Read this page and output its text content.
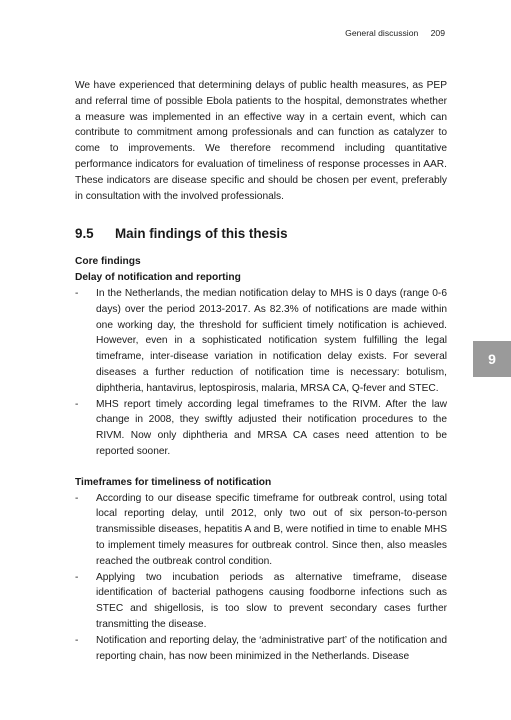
General discussion 209
9

We have experienced that determining delays of public health measures, as PEP and referral time of possible Ebola patients to the hospital, demonstrates whether a measure was implemented in an effective way in a certain event, which can contribute to commitment among professionals and can function as catalyzer to come to improvements. We therefore recommend including quantitative performance indicators for evaluation of timeliness of response processes in AAR. These indicators are disease specific and should be chosen per event, preferably in consultation with the involved professionals.

9.5 Main findings of this thesis

Core findings

Delay of notification and reporting

- In the Netherlands, the median notification delay to MHS is 0 days (range 0-6 days) over the period 2013-2017. As 82.3% of notifications are made within one working day, the threshold for sufficient timely notification is achieved. However, even in a sophisticated notification system fulfilling the legal timeframe, inter-disease variation in notification delay exists. For several diseases a further reduction of notification time is necessary: botulism, diphtheria, hantavirus, leptospirosis, malaria, MRSA CA, Q-fever and STEC.
- MHS report timely according legal timeframes to the RIVM. After the law change in 2008, they swiftly adjusted their notification procedures to the RIVM. Now only diphtheria and MRSA CA cases need attention to be reported sooner.

Timeframes for timeliness of notification

- According to our disease specific timeframe for outbreak control, using total local reporting delay, until 2012, only two out of six person-to-person transmissible diseases, hepatitis A and B, were notified in time to enable MHS to implement timely measures for outbreak control. Since then, also measles reached the outbreak control condition.
- Applying two incubation periods as alternative timeframe, disease identification of bacterial pathogens causing foodborne infections such as STEC and shigellosis, is too slow to prevent secondary cases further transmitting the disease.
- Notification and reporting delay, the ‘administrative part’ of the notification and reporting chain, has now been minimized in the Netherlands. Disease
